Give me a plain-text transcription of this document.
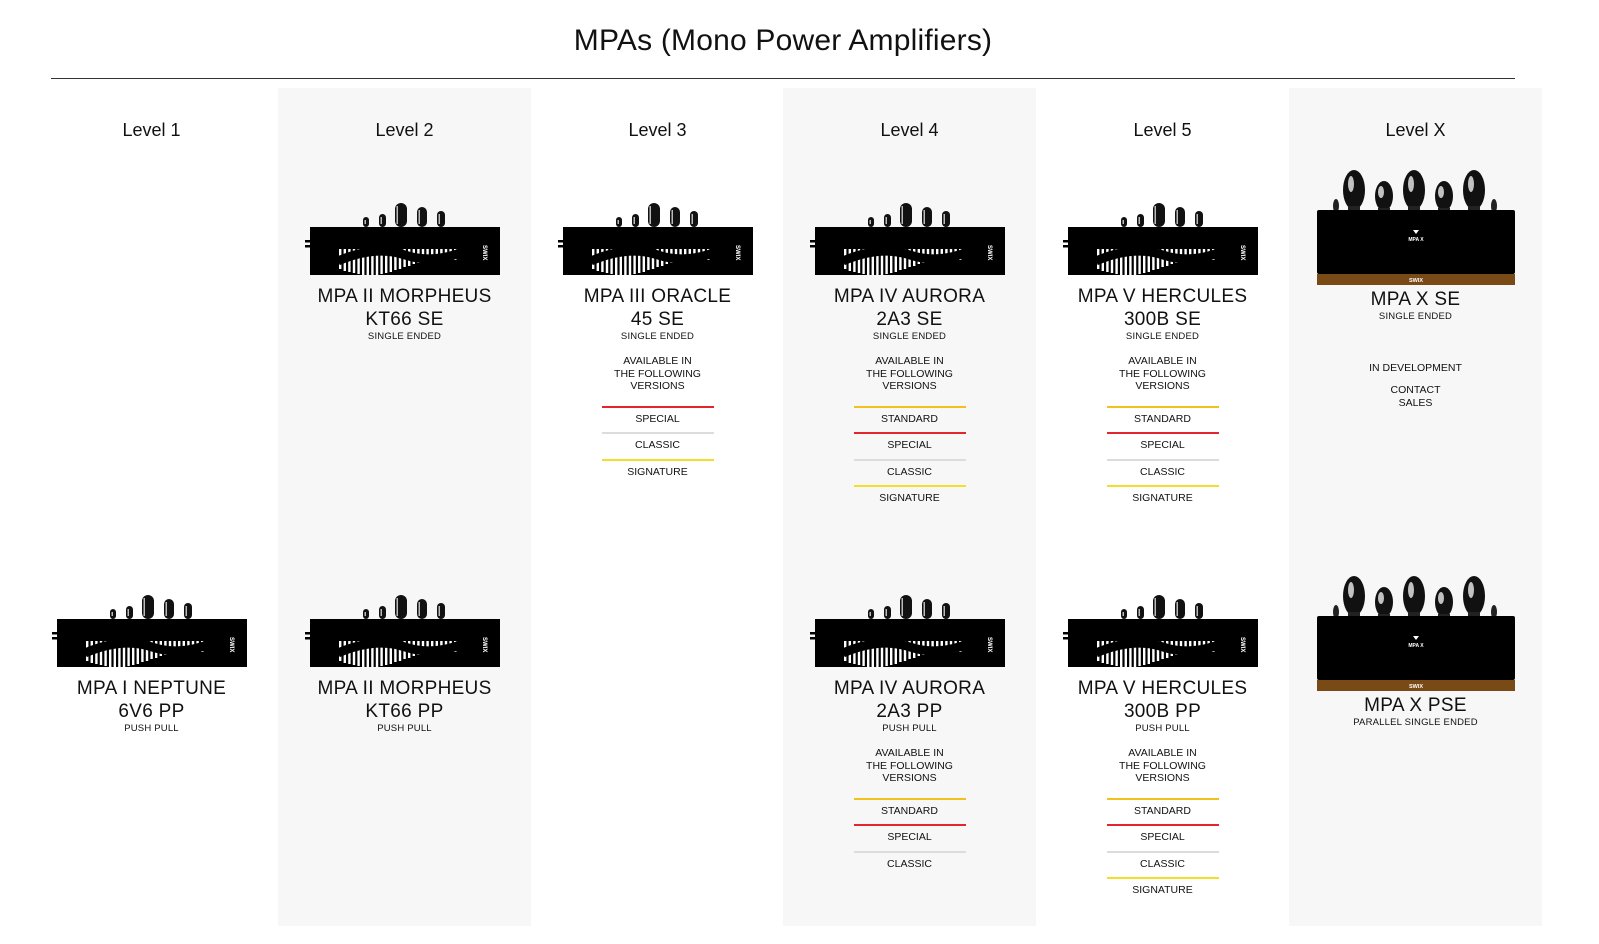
MPAs (Mono Power Amplifiers)
Level 1
SWIX
MPA I NEPTUNE
6V6 PP
PUSH PULL
Level 2
SWIX
MPA II MORPHEUS
KT66 SE
SINGLE ENDED
SWIX
MPA II MORPHEUS
KT66 PP
PUSH PULL
Level 3
SWIX
MPA III ORACLE
45 SE
SINGLE ENDED
AVAILABLE IN
THE FOLLOWING
VERSIONS
SPECIAL
CLASSIC
SIGNATURE
Level 4
SWIX
MPA IV AURORA
2A3 SE
SINGLE ENDED
AVAILABLE IN
THE FOLLOWING
VERSIONS
STANDARD
SPECIAL
CLASSIC
SIGNATURE
SWIX
MPA IV AURORA
2A3 PP
PUSH PULL
AVAILABLE IN
THE FOLLOWING
VERSIONS
STANDARD
SPECIAL
CLASSIC
Level 5
SWIX
MPA V HERCULES
300B SE
SINGLE ENDED
AVAILABLE IN
THE FOLLOWING
VERSIONS
STANDARD
SPECIAL
CLASSIC
SIGNATURE
SWIX
MPA V HERCULES
300B PP
PUSH PULL
AVAILABLE IN
THE FOLLOWING
VERSIONS
STANDARD
SPECIAL
CLASSIC
SIGNATURE
Level X
SWIX
MPA X
MPA X SE
SINGLE ENDED
IN DEVELOPMENT
CONTACT
SALES
SWIX
MPA X
MPA X PSE
PARALLEL SINGLE ENDED
